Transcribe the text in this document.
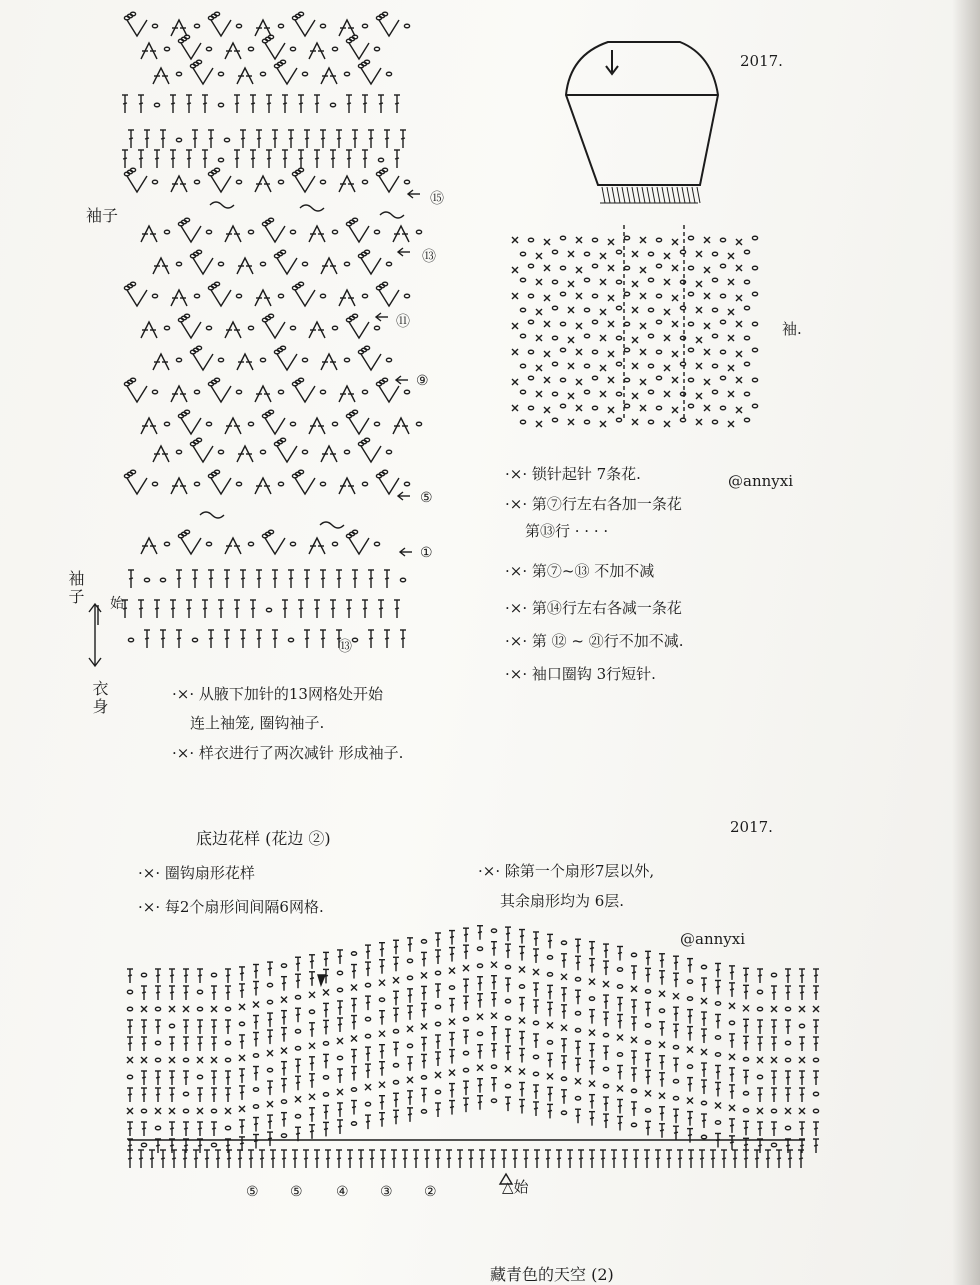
袖子
⑮
⑬
⑪
⑨
⑤
①
⑬
始
袖子
衣身	·×· 从腋下加针的13网格处开始
连上袖笼, 圈钩袖子.
·×· 样衣进行了两次减针 形成袖子.
2017.
袖.
@annyxi
·×· 锁针起针 7条花.
·×· 第⑦行左右各加一条花
第⑬行 · · · ·
·×· 第⑦~⑬ 不加不减
·×· 第⑭行左右各减一条花
·×· 第 ⑫ ~ ㉑行不加不减.
·×· 袖口圈钩 3行短针.
2017.
底边花样 (花边 ②)
·×· 圈钩扇形花样
·×· 每2个扇形间间隔6网格.
·×· 除第一个扇形7层以外,
其余扇形均为 6层.
@annyxi
⑤ ⑤ ④ ③ ②	△始
藏青色的天空 (2)
